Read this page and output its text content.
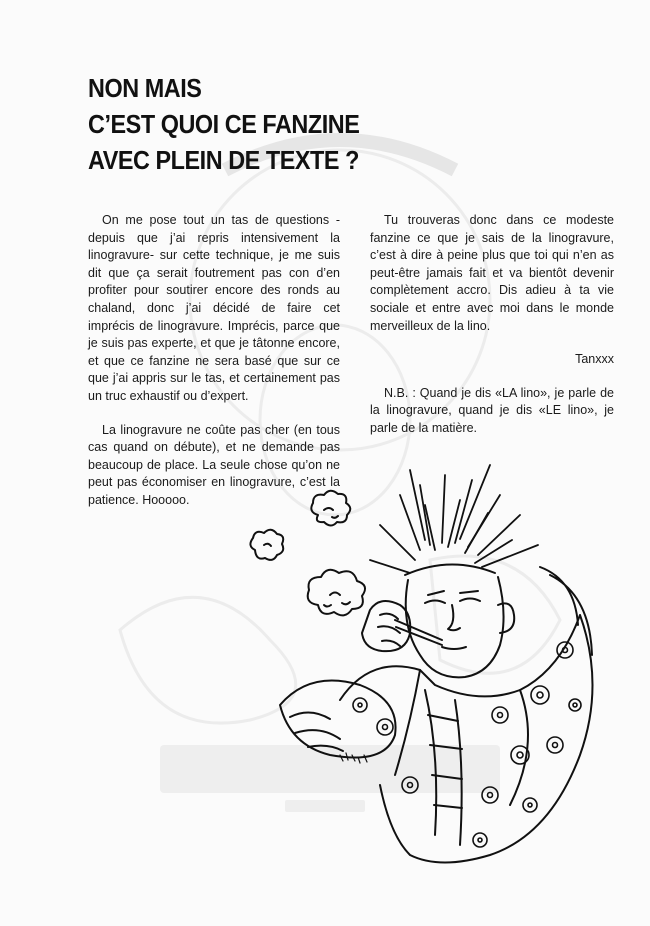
NON MAIS
C’EST QUOI CE FANZINE
AVEC PLEIN DE TEXTE ?

On me pose tout un tas de questions -depuis que j’ai repris intensivement la linogravure- sur cette technique, je me suis dit que ça serait foutrement pas con d’en profiter pour soutirer encore des ronds au chaland, donc j’ai décidé de faire cet imprécis de linogravure. Imprécis, parce que je suis pas experte, et que je tâtonne encore, et que ce fanzine ne sera basé que sur ce que j’ai appris sur le tas, et certainement pas un truc exhaustif ou d’expert.

La linogravure ne coûte pas cher (en tous cas quand on débute), et ne demande pas beaucoup de place. La seule chose qu’on ne peut pas économiser en linogravure, c’est la patience. Hooooo.

Tu trouveras donc dans ce modeste fanzine ce que je sais de la linogravure, c’est à dire à peine plus que toi qui n’en as peut-être jamais fait et va bientôt devenir complètement accro. Dis adieu à ta vie sociale et entre avec moi dans le monde merveilleux de la lino.

Tanxxx

N.B. : Quand je dis «LA lino», je parle de la linogravure, quand je dis «LE lino», je parle de la matière.
